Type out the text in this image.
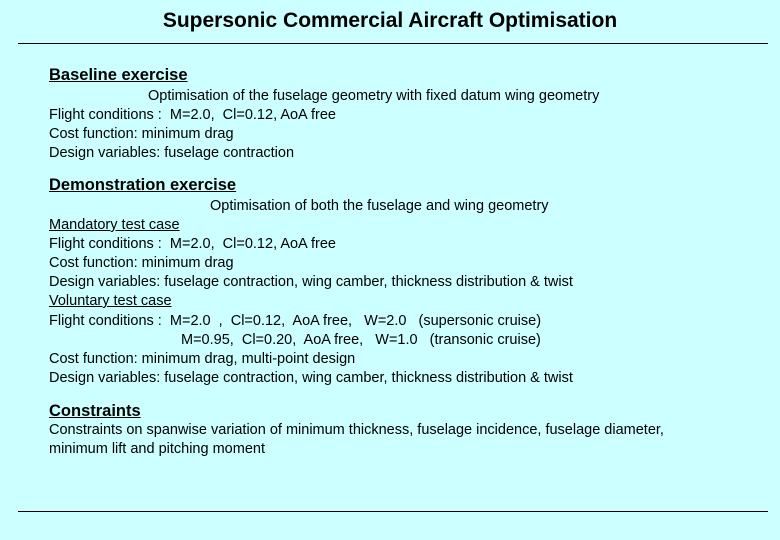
Supersonic Commercial Aircraft Optimisation
Baseline exercise
Optimisation of the fuselage geometry with fixed datum wing geometry
Flight conditions :  M=2.0,  Cl=0.12, AoA free
Cost function: minimum drag
Design variables: fuselage contraction
Demonstration exercise
Optimisation of both the fuselage and wing geometry
Mandatory test case
Flight conditions :  M=2.0,  Cl=0.12, AoA free
Cost function: minimum drag
Design variables: fuselage contraction, wing camber, thickness distribution & twist
Voluntary test case
Flight conditions :  M=2.0  ,  Cl=0.12,  AoA free,   W=2.0   (supersonic cruise)
M=0.95,  Cl=0.20,  AoA free,   W=1.0   (transonic cruise)
Cost function: minimum drag, multi-point design
Design variables: fuselage contraction, wing camber, thickness distribution & twist
Constraints
Constraints on spanwise variation of minimum thickness, fuselage incidence, fuselage diameter,
minimum lift and pitching moment
